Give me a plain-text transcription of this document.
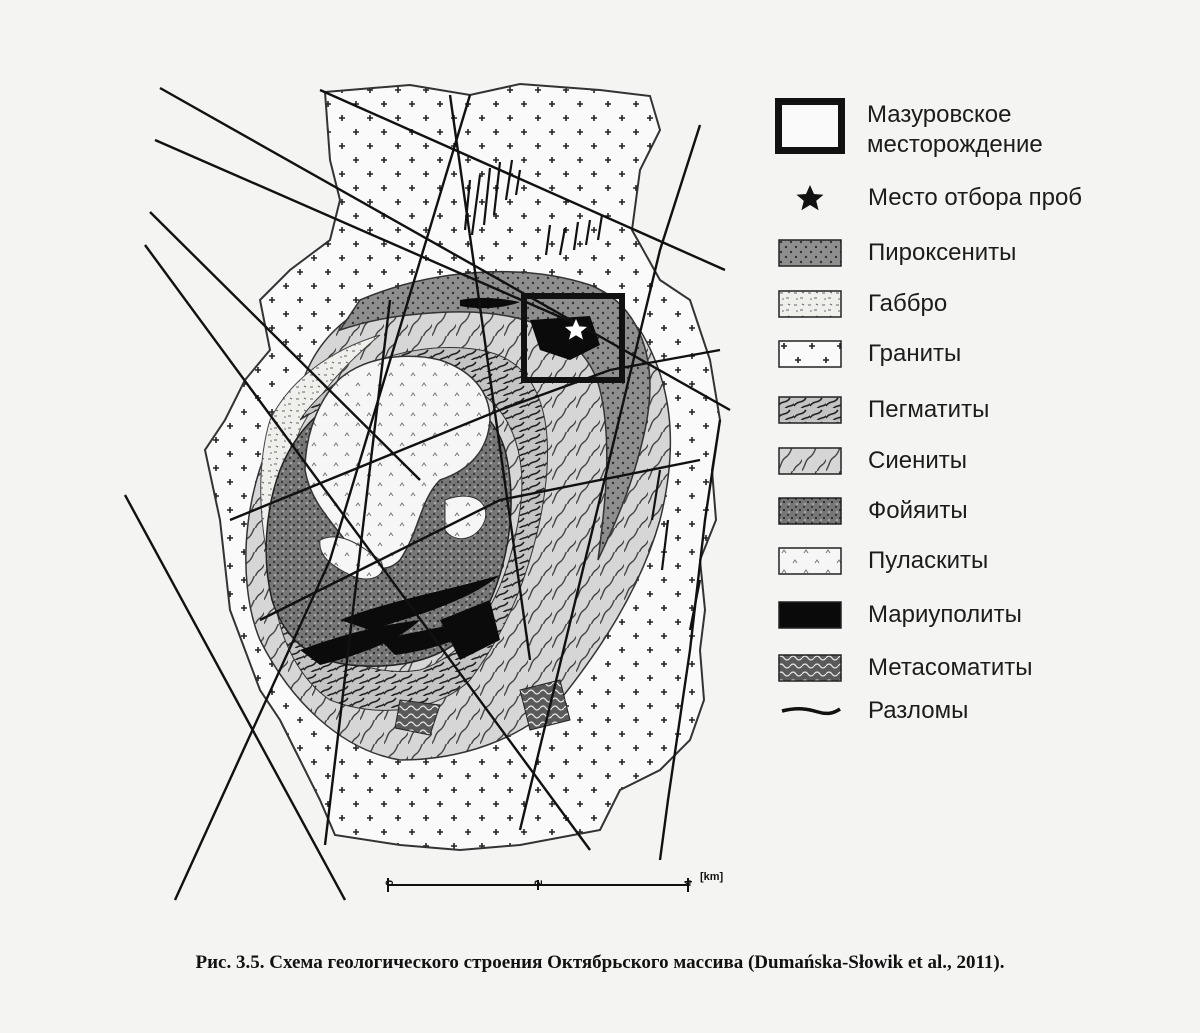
0	2	4 [km]
Мазуровское
месторождение
Место отбора проб
Пироксениты
Габбро
Граниты
Пегматиты
Сиениты
Фойяиты
Пуласкиты
Мариуполиты
Метасоматиты
Разломы
Рис. 3.5. Схема геологического строения Октябрьского массива (Dumańska-Słowik et al., 2011).
